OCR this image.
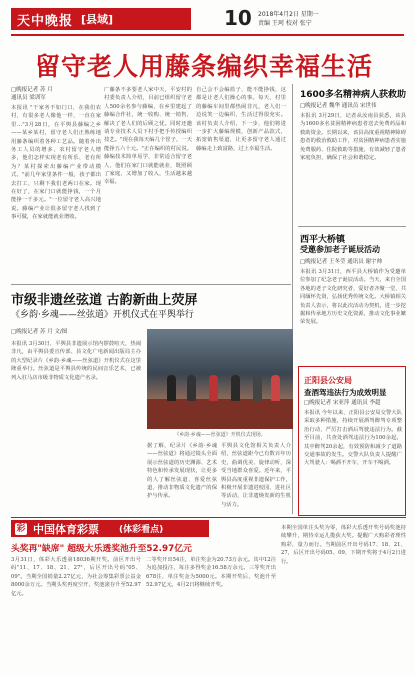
天中晚报 [县域]	10 2018年4月2日 星期一
责编 王珂 校对 张宁
留守老人用藤条编织幸福生活
□晚报记者 苏 月
通讯员 梁训军
本报讯 "干家务不如门口，在我们农村，有很多老人像他一样，一直在家里…"3月28日，在平舆县藤编之乡——某乡某村，留守老人们正熟练地用藤条编织着各种工艺品。随着外出务工人员的增多，农村留守老人增多，他们怎样实现老有所乐、老有所为？某村探索出藤编产业带动模式。"前几年家里条件一般，孩子都出去打工，只剩下我们老两口在家。现在好了，在家门口就能挣钱，一个月能挣一千多元。"一位留守老人高兴地说。藤编产业让很多留守老人找到了事可做，在家就能就业增收。
广藤条不多要老人家中天，平安村的村委负责人介绍，目前已组织留守老人500余名参与藤编，在乡里建起了藤编合作社，统一收购、统一销售，解决了老人们的后顾之忧。同时还邀请专业技术人员下村手把手传授编织技艺。"现在我每天编几个筐子，一天能挣五六十元。"正在编织的村民说。藤编技术简单易学，非常适合留守老人，他们在家门口就能就业，既照顾了家庭，又增加了收入，生活越来越幸福。
自己会不会编篮子，能不能挣钱，这都是让老人们操心的事。每天，村里的藤编车间里都热闹非凡，老人们一边说笑一边编织，生活过得很充实。该村负责人介绍，下一步，他们将进一步扩大藤编规模，创新产品款式，拓宽销售渠道，让更多留守老人通过藤编走上致富路，过上幸福生活。
1600多名精神病人获救助
□晚报记者 魏华 通讯员 宋世伟
本报讯 3月29日，记者从汝南县获悉，该县为1600多名贫困精神病患者送去免费药品和救助资金。长期以来，该县高度重视精神障碍患者的救治救助工作，对贫困精神病患者实施免费服药、住院救助等措施，有效减轻了患者家庭负担，确保了社会和谐稳定。
西平大桥镇
受邀参加老子诞辰活动
□晚报记者 王冬莹 通讯员 谢宇帅
本报讯 3月31日，西平县大桥镇作为受邀单位参加了纪念老子诞辰活动。当天，来自全国各地的老子文化研究者、爱好者齐聚一堂，共同缅怀先贤，弘扬优秀传统文化。大桥镇相关负责人表示，将以此次活动为契机，进一步挖掘和传承地方历史文化资源，推动文化事业繁荣发展。
正阳县公安局
查酒驾违法行为成效明显
□晚报记者 宋亚萍 通讯员 李超
本报讯 今年以来，正阳县公安局交警大队采取多种措施，持续开展酒驾醉驾专项整治行动，严厉打击酒后驾驶违法行为。截至目前，共查处酒驾违法行为100余起，其中醉驾20余起，有效预防和减少了道路交通事故的发生。交警大队负责人提醒广大驾驶人：喝酒不开车，开车不喝酒。
市级非遗丝弦道 古韵新曲上荧屏
《乡韵·乡魂——丝弦道》开机仪式在平舆举行
□晚报记者 苏 月 文/图
本报讯 3月30日，平舆县非遗展示馆内锣鼓喧天，热闹非凡，由平舆县委宣传部、县文化广电新闻出版局主办的大型纪录片《乡韵·乡魂——丝弦道》开机仪式在这里隆重举行。丝弦道是平舆县传统的民间音乐艺术，已被列入驻马店市级非物质文化遗产名录。
《乡韵·乡魂——丝弦道》开机仪式现场。
据了解，纪录片《乡韵·乡魂——丝弦道》将通过镜头全面展示丝弦道的历史渊源、艺术特色和传承发展现状，让更多的人了解丝弦道、喜爱丝弦道，推动非物质文化遗产的保护与传承。
平舆县文化馆相关负责人介绍，丝弦道距今已有数百年历史，曲调优美、旋律动听，深受当地群众喜爱。近年来，平舆县高度重视非遗保护工作，积极开展非遗进校园、进社区等活动，让非遗焕发新的生机与活力。
彩 中国体育彩票 (体彩看点)
头奖再"缺席" 超级大乐透奖池升至52.97亿元
3月31日，体彩大乐透第18036期开奖。前区开出号码"11、17、18、21、27"，后区开出号码"05、09"。当期全国销量2.27亿元，为社会筹集彩票公益金8000余万元。当期头奖再度空开，奖池滚存升至52.97亿元。
二等奖开出54注，单注奖金为20.73万余元。其中12注为追加投注，每注多得奖金16.58万余元。三等奖开出678注，单注奖金为5000元。本期开奖后，奖池升至52.97亿元，4月2日将继续开奖。
本期全国单注头奖为零，体彩大乐透开奖号码奖池持续攀升，期待幸运儿揽获大奖。提醒广大购彩者理性购彩，量力而行。当期前区开出号码17、18、21、27，后区开出号码05、09，下期开奖将于4月2日进行。
